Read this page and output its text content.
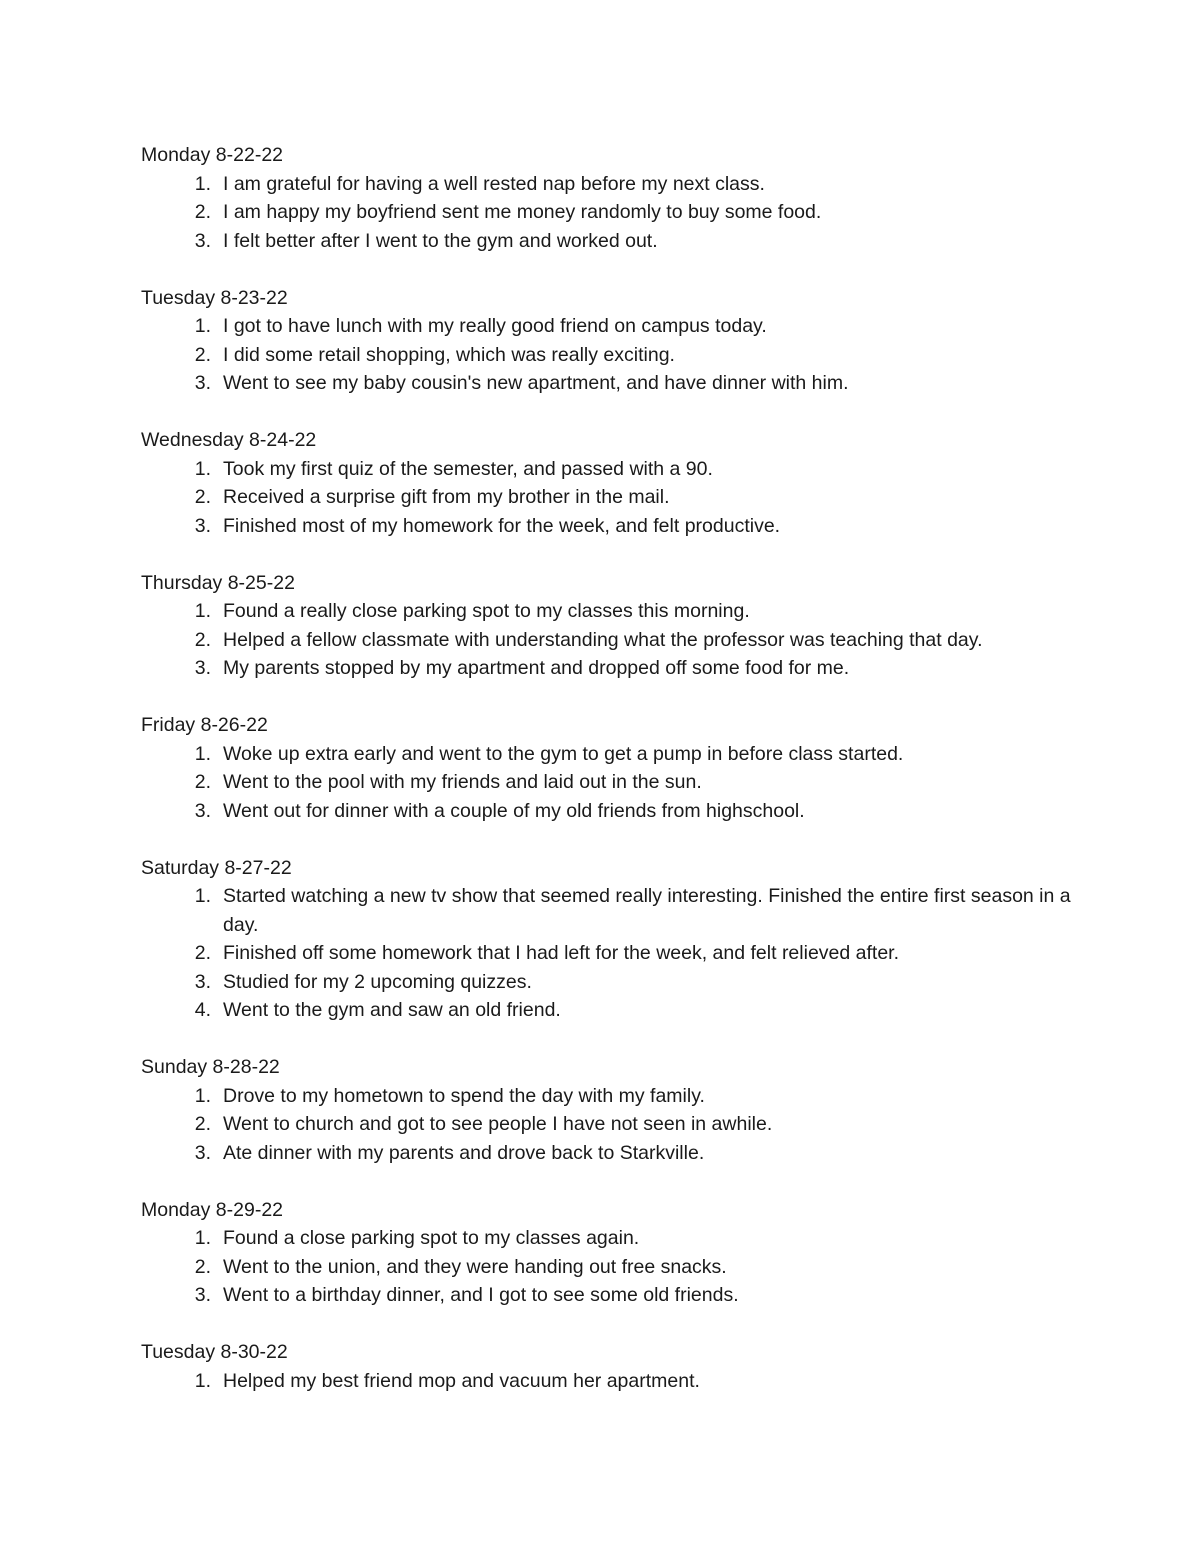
Monday 8-22-22
1. I am grateful for having a well rested nap before my next class.
2. I am happy my boyfriend sent me money randomly to buy some food.
3. I felt better after I went to the gym and worked out.
Tuesday 8-23-22
1. I got to have lunch with my really good friend on campus today.
2. I did some retail shopping, which was really exciting.
3. Went to see my baby cousin's new apartment, and have dinner with him.
Wednesday 8-24-22
1. Took my first quiz of the semester, and passed with a 90.
2. Received a surprise gift from my brother in the mail.
3. Finished most of my homework for the week, and felt productive.
Thursday 8-25-22
1. Found a really close parking spot to my classes this morning.
2. Helped a fellow classmate with understanding what the professor was teaching that day.
3. My parents stopped by my apartment and dropped off some food for me.
Friday 8-26-22
1. Woke up extra early and went to the gym to get a pump in before class started.
2. Went to the pool with my friends and laid out in the sun.
3. Went out for dinner with a couple of my old friends from highschool.
Saturday 8-27-22
1. Started watching a new tv show that seemed really interesting. Finished the entire first season in a day.
2. Finished off some homework that I had left for the week, and felt relieved after.
3. Studied for my 2 upcoming quizzes.
4. Went to the gym and saw an old friend.
Sunday 8-28-22
1. Drove to my hometown to spend the day with my family.
2. Went to church and got to see people I have not seen in awhile.
3. Ate dinner with my parents and drove back to Starkville.
Monday 8-29-22
1. Found a close parking spot to my classes again.
2. Went to the union, and they were handing out free snacks.
3. Went to a birthday dinner, and I got to see some old friends.
Tuesday 8-30-22
1. Helped my best friend mop and vacuum her apartment.
